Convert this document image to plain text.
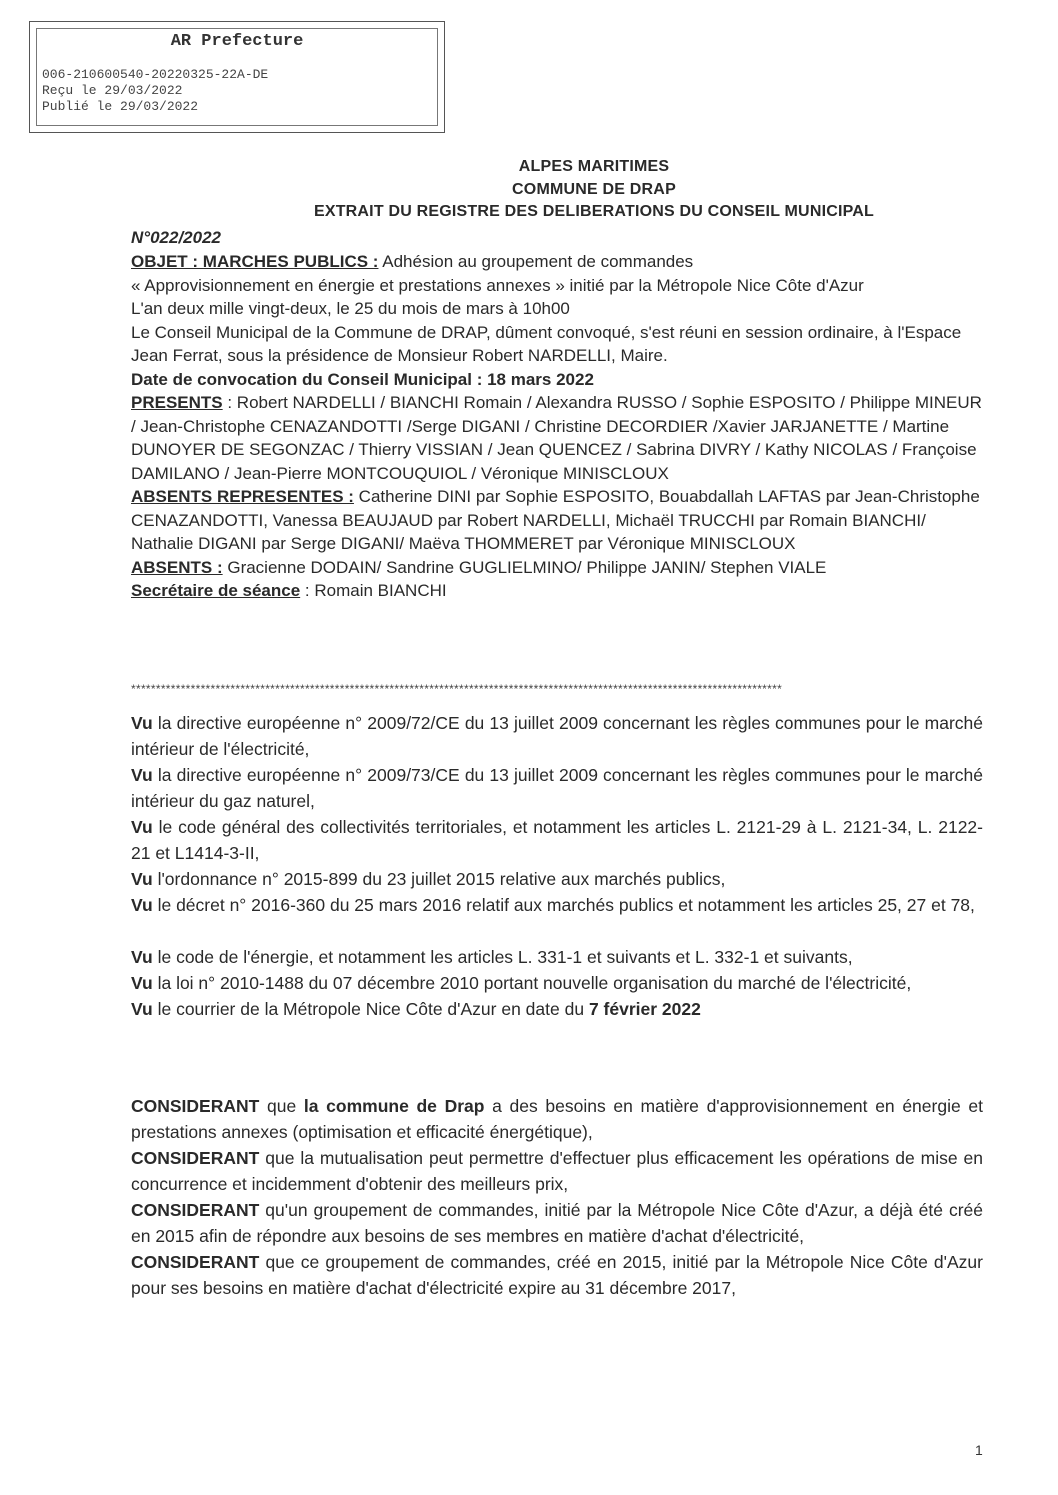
AR Prefecture
006-210600540-20220325-22A-DE
Reçu le 29/03/2022
Publié le 29/03/2022
ALPES MARITIMES
COMMUNE DE DRAP
EXTRAIT DU REGISTRE DES DELIBERATIONS DU CONSEIL MUNICIPAL
N°022/2022
OBJET : MARCHES PUBLICS : Adhésion au groupement de commandes
« Approvisionnement en énergie et prestations annexes » initié par la Métropole Nice Côte d'Azur
L'an deux mille vingt-deux, le 25 du mois de mars à 10h00
Le Conseil Municipal de la Commune de DRAP, dûment convoqué, s'est réuni en session ordinaire, à l'Espace Jean Ferrat, sous la présidence de Monsieur Robert NARDELLI, Maire.
Date de convocation du Conseil Municipal : 18 mars 2022
PRESENTS : Robert NARDELLI / BIANCHI Romain / Alexandra RUSSO / Sophie ESPOSITO / Philippe MINEUR / Jean-Christophe CENAZANDOTTI /Serge DIGANI / Christine DECORDIER /Xavier JARJANETTE / Martine DUNOYER DE SEGONZAC / Thierry VISSIAN / Jean QUENCEZ / Sabrina DIVRY / Kathy NICOLAS / Françoise DAMILANO / Jean-Pierre MONTCOUQUIOL / Véronique MINISCLOUX
ABSENTS REPRESENTES : Catherine DINI par Sophie ESPOSITO, Bouabdallah LAFTAS par Jean-Christophe CENAZANDOTTI, Vanessa BEAUJAUD par Robert NARDELLI, Michaël TRUCCHI par Romain BIANCHI/ Nathalie DIGANI par Serge DIGANI/ Maëva THOMMERET par Véronique MINISCLOUX
ABSENTS : Gracienne DODAIN/ Sandrine GUGLIELMINO/ Philippe JANIN/ Stephen VIALE
Secrétaire de séance : Romain BIANCHI
***********************************************************************************************************************************
Vu la directive européenne n° 2009/72/CE du 13 juillet 2009 concernant les règles communes pour le marché intérieur de l'électricité,
Vu la directive européenne n° 2009/73/CE du 13 juillet 2009 concernant les règles communes pour le marché intérieur du gaz naturel,
Vu le code général des collectivités territoriales, et notamment les articles L. 2121-29 à L. 2121-34, L. 2122-21 et L1414-3-II,
Vu l'ordonnance n° 2015-899 du 23 juillet 2015 relative aux marchés publics,
Vu le décret n° 2016-360 du 25 mars 2016 relatif aux marchés publics et notamment les articles 25, 27 et 78,
Vu le code de l'énergie, et notamment les articles L. 331-1 et suivants et L. 332-1 et suivants,
Vu la loi n° 2010-1488 du 07 décembre 2010 portant nouvelle organisation du marché de l'électricité,
Vu le courrier de la Métropole Nice Côte d'Azur en date du 7 février 2022
CONSIDERANT que la commune de Drap a des besoins en matière d'approvisionnement en énergie et prestations annexes (optimisation et efficacité énergétique),
CONSIDERANT que la mutualisation peut permettre d'effectuer plus efficacement les opérations de mise en concurrence et incidemment d'obtenir des meilleurs prix,
CONSIDERANT qu'un groupement de commandes, initié par la Métropole Nice Côte d'Azur, a déjà été créé en 2015 afin de répondre aux besoins de ses membres en matière d'achat d'électricité,
CONSIDERANT que ce groupement de commandes, créé en 2015, initié par la Métropole Nice Côte d'Azur pour ses besoins en matière d'achat d'électricité expire au 31 décembre 2017,
1
